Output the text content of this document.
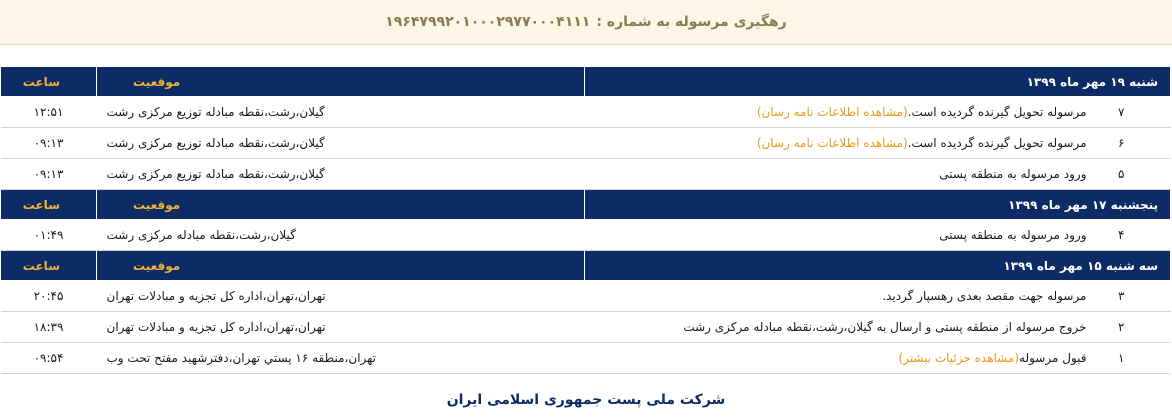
رهگیری مرسوله به شماره :
۱۹۶۴۷۹۹۲۰۱۰۰۰۲۹۷۷۰۰۰۴۱۱۱
شنبه ۱۹ مهر ماه ۱۳۹۹	موقعیت	ساعت
۷مرسوله تحویل گیرنده گردیده است.(مشاهده اطلاعات نامه رسان)	گیلان،رشت،نقطه مبادله توزیع مرکزی رشت	۱۲:۵۱
۶مرسوله تحویل گیرنده گردیده است.(مشاهده اطلاعات نامه رسان)	گیلان،رشت،نقطه مبادله توزیع مرکزی رشت	۰۹:۱۳
۵ورود مرسوله به منطقه پستی	گیلان،رشت،نقطه مبادله توزیع مرکزی رشت	۰۹:۱۳
پنجشنبه ۱۷ مهر ماه ۱۳۹۹	موقعیت	ساعت
۴ورود مرسوله به منطقه پستی	گیلان،رشت،نقطه مبادله مرکزی رشت	۰۱:۴۹
سه شنبه ۱۵ مهر ماه ۱۳۹۹	موقعیت	ساعت
۳مرسوله جهت مقصد بعدی رهسپار گردید.	تهران،تهران،اداره کل تجزیه و مبادلات تهران	۲۰:۴۵
۲خروج مرسوله از منطقه پستی و ارسال به گیلان،رشت،نقطه مبادله مرکزی رشت	تهران،تهران،اداره کل تجزیه و مبادلات تهران	۱۸:۳۹
۱قبول مرسوله(مشاهده جزئیات بیشتر)	تهران،منطقه ۱۶ پستي تهران،دفترشهید مفتح تحت وب	۰۹:۵۴
شرکت ملی پست جمهوری اسلامی ایران
